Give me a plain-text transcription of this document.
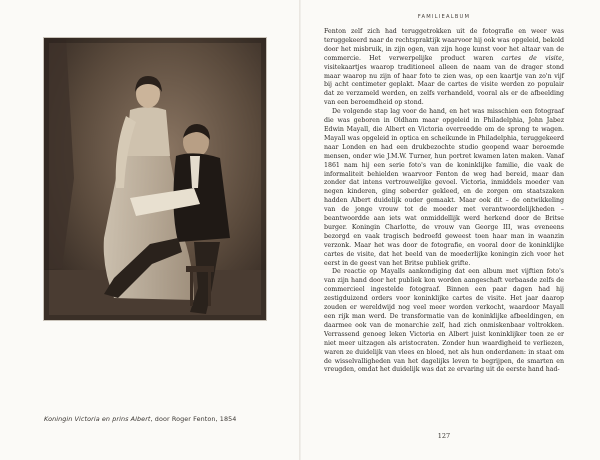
Koningin Victoria en prins Albert, door Roger Fenton, 1854
FAMILIEALBUM

Fenton zelf zich had teruggetrokken uit de fotografie en weer was teruggekeerd naar de rechtspraktijk waarvoor hij ook was opgeleid, bekold door het misbruik, in zijn ogen, van zijn hoge kunst voor het altaar van de commercie. Het verwerpelijke product waren cartes de visite, visitekaartjes waarop traditioneel alleen de naam van de drager stond maar waarop nu zijn of haar foto te zien was, op een kaartje van zo'n vijf bij acht centimeter geplakt. Maar de cartes de visite werden zo populair dat ze verzameld werden, en zelfs verhandeld, vooral als er de afbeelding van een beroemdheid op stond.

De volgende stap lag voor de hand, en het was misschien een fotograaf die was geboren in Oldham maar opgeleid in Philadelphia, John Jabez Edwin Mayall, die Albert en Victoria overreedde om de sprong te wagen. Mayall was opgeleid in optica en scheikunde in Philadelphia, teruggekeerd naar Londen en had een drukbezochte studio geopend waar beroemde mensen, onder wie J.M.W. Turner, hun portret kwamen laten maken. Vanaf 1861 nam hij een serie foto's van de koninklijke familie, die vaak de informaliteit behielden waarvoor Fenton de weg had bereid, maar dan zonder dat intens vertrouwelijke gevoel. Victoria, inmiddels moeder van negen kinderen, ging soberder gekleed, en de zorgen om staatszaken hadden Albert duidelijk ouder gemaakt. Maar ook dit – de ontwikkeling van de jonge vrouw tot de moeder met verantwoordelijkheden – beantwoordde aan iets wat onmiddellijk werd herkend door de Britse burger. Koningin Charlotte, de vrouw van George III, was eveneens bezorgd en vaak tragisch bedroefd geweest toen haar man in waanzin verzonk. Maar het was door de fotografie, en vooral door de koninklijke cartes de visite, dat het beeld van de moederlijke koningin zich voor het eerst in de geest van het Britse publiek grifte.

De reactie op Mayalls aankondiging dat een album met vijftien foto's van zijn hand door het publiek kon worden aangeschaft verbaasde zelfs de commercieel ingestelde fotograaf. Binnen een paar dagen had hij zestigduizend orders voor koninklijke cartes de visite. Het jaar daarop zouden er wereldwijd nog veel meer worden verkocht, waardoor Mayall een rijk man werd. De transformatie van de koninklijke afbeeldingen, en daarmee ook van de monarchie zelf, had zich onmiskenbaar voltrokken. Verrassend genoeg leken Victoria en Albert juist koninklijker toen ze er niet meer uitzagen als aristocraten. Zonder hun waardigheid te verliezen, waren ze duidelijk van vlees en bloed, net als hun onderdanen: in staat om de wisselvalligheden van het dagelijks leven te begrijpen, de smarten en vreugden, omdat het duidelijk was dat ze ervaring uit de eerste hand had-

127
